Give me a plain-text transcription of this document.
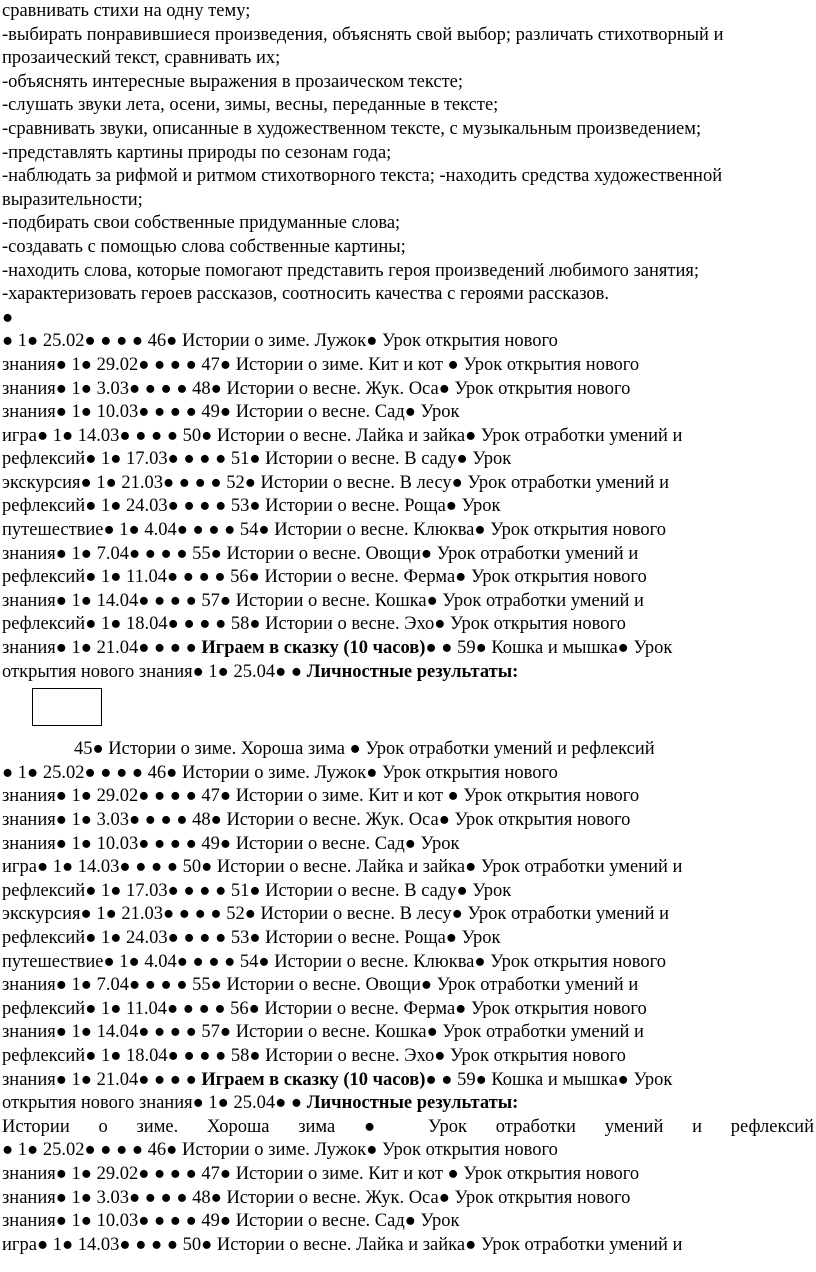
сравнивать стихи на одну тему;

-выбирать понравившиеся произведения, объяснять свой выбор; различать стихотворный и

прозаический текст, сравнивать их;

-объяснять интересные выражения в прозаическом тексте;

-слушать звуки лета, осени, зимы, весны, переданные в тексте;

-сравнивать звуки, описанные в художественном тексте, с музыкальным произведением;

-представлять картины природы по сезонам года;

-наблюдать за рифмой и ритмом стихотворного текста; -находить средства художественной

выразительности;

-подбирать свои собственные придуманные слова;

-создавать с помощью слова собственные картины;

-находить слова, которые помогают представить героя произведений любимого занятия;

-характеризовать героев рассказов, соотносить качества с героями рассказов.

●

● 1● 25.02● ● ● ● 46● Истории о зиме. Лужок● Урок открытия нового

знания● 1● 29.02● ● ● ● 47● Истории о зиме. Кит и кот ● Урок открытия нового

знания● 1● 3.03● ● ● ● 48● Истории о весне. Жук. Оса● Урок открытия нового

знания● 1● 10.03● ● ● ● 49● Истории о весне. Сад● Урок

игра● 1● 14.03● ● ● ● 50● Истории о весне. Лайка и зайка● Урок отработки умений и

рефлексий● 1● 17.03● ● ● ● 51● Истории о весне. В саду● Урок

экскурсия● 1● 21.03● ● ● ● 52● Истории о весне. В лесу● Урок отработки умений и

рефлексий● 1● 24.03● ● ● ● 53● Истории о весне. Роща● Урок

путешествие● 1● 4.04● ● ● ● 54● Истории о весне. Клюква● Урок открытия нового

знания● 1● 7.04● ● ● ● 55● Истории о весне. Овощи● Урок отработки умений и

рефлексий● 1● 11.04● ● ● ● 56● Истории о весне. Ферма● Урок открытия нового

знания● 1● 14.04● ● ● ● 57● Истории о весне. Кошка● Урок отработки умений и

рефлексий● 1● 18.04● ● ● ● 58● Истории о весне. Эхо● Урок открытия нового

знания● 1● 21.04● ● ● ● Играем в сказку (10 часов)● ● 59● Кошка и мышка● Урок

открытия нового знания● 1● 25.04● ● Личностные результаты:

45● Истории о зиме. Хороша зима ● Урок отработки умений и рефлексий

● 1● 25.02● ● ● ● 46● Истории о зиме. Лужок● Урок открытия нового

знания● 1● 29.02● ● ● ● 47● Истории о зиме. Кит и кот ● Урок открытия нового

знания● 1● 3.03● ● ● ● 48● Истории о весне. Жук. Оса● Урок открытия нового

знания● 1● 10.03● ● ● ● 49● Истории о весне. Сад● Урок

игра● 1● 14.03● ● ● ● 50● Истории о весне. Лайка и зайка● Урок отработки умений и

рефлексий● 1● 17.03● ● ● ● 51● Истории о весне. В саду● Урок

экскурсия● 1● 21.03● ● ● ● 52● Истории о весне. В лесу● Урок отработки умений и

рефлексий● 1● 24.03● ● ● ● 53● Истории о весне. Роща● Урок

путешествие● 1● 4.04● ● ● ● 54● Истории о весне. Клюква● Урок открытия нового

знания● 1● 7.04● ● ● ● 55● Истории о весне. Овощи● Урок отработки умений и

рефлексий● 1● 11.04● ● ● ● 56● Истории о весне. Ферма● Урок открытия нового

знания● 1● 14.04● ● ● ● 57● Истории о весне. Кошка● Урок отработки умений и

рефлексий● 1● 18.04● ● ● ● 58● Истории о весне. Эхо● Урок открытия нового

знания● 1● 21.04● ● ● ● Играем в сказку (10 часов)● ● 59● Кошка и мышка● Урок

открытия нового знания● 1● 25.04● ● Личностные результаты:

Истории о зиме. Хороша зима ● Урок отработки умений и рефлексий

● 1● 25.02● ● ● ● 46● Истории о зиме. Лужок● Урок открытия нового

знания● 1● 29.02● ● ● ● 47● Истории о зиме. Кит и кот ● Урок открытия нового

знания● 1● 3.03● ● ● ● 48● Истории о весне. Жук. Оса● Урок открытия нового

знания● 1● 10.03● ● ● ● 49● Истории о весне. Сад● Урок

игра● 1● 14.03● ● ● ● 50● Истории о весне. Лайка и зайка● Урок отработки умений и
